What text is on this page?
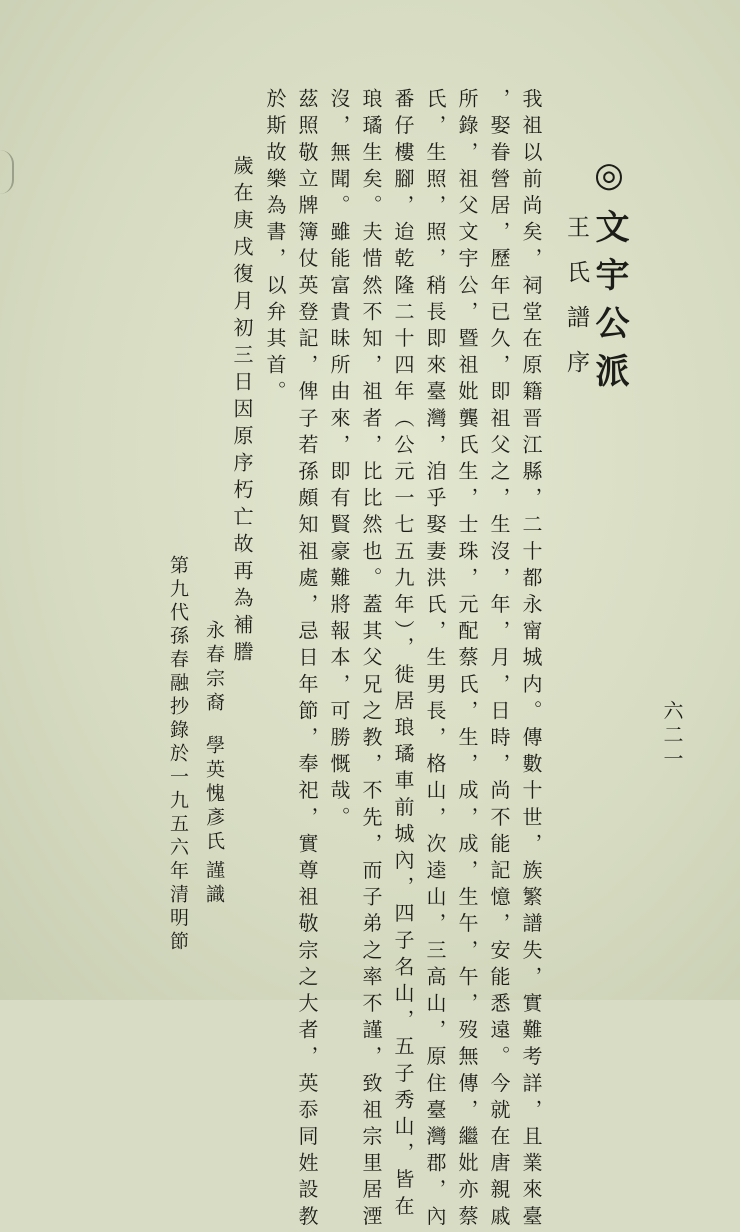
◎文宇公派
王氏譜序
我祖以前尚矣，祠堂在原籍晋江縣，二十都永甯城内。傳數十世，族繁譜失，實難考詳，且業來臺
，娶眷營居，歷年已久，即祖父之，生沒，年，月，日時，尚不能記憶，安能悉遠。今就在唐親戚
所錄，祖父文宇公，暨祖妣龔氏生，士珠，元配蔡氏，生，成，成，生午，午，歿無傳，繼妣亦蔡
氏，生照，照，稍長即來臺灣，洎乎娶妻洪氏，生男長，格山，次逵山，三高山，原住臺灣郡，內
番仔樓腳，迨乾隆二十四年（公元一七五九年），徙居琅璚車前城內，四子名山，五子秀山，皆在
琅璚生矣。夫惜然不知，祖者，比比然也。蓋其父兄之教，不先，而子弟之率不謹，致祖宗里居湮
沒，無聞。雖能富貴昧所由來，即有賢豪難將報本，可勝慨哉。
茲照敬立牌簿仗英登記，俾子若孫頗知祖處，忌日年節，奉祀，實尊祖敬宗之大者，英忝同姓設教
於斯故樂為書，以弁其首。
歲在庚戌復月初三日因原序朽亡故再為補謄
永春宗裔
學英愧彥氏
謹識
第九代孫春融抄錄於一九五六年清明節	六二一
